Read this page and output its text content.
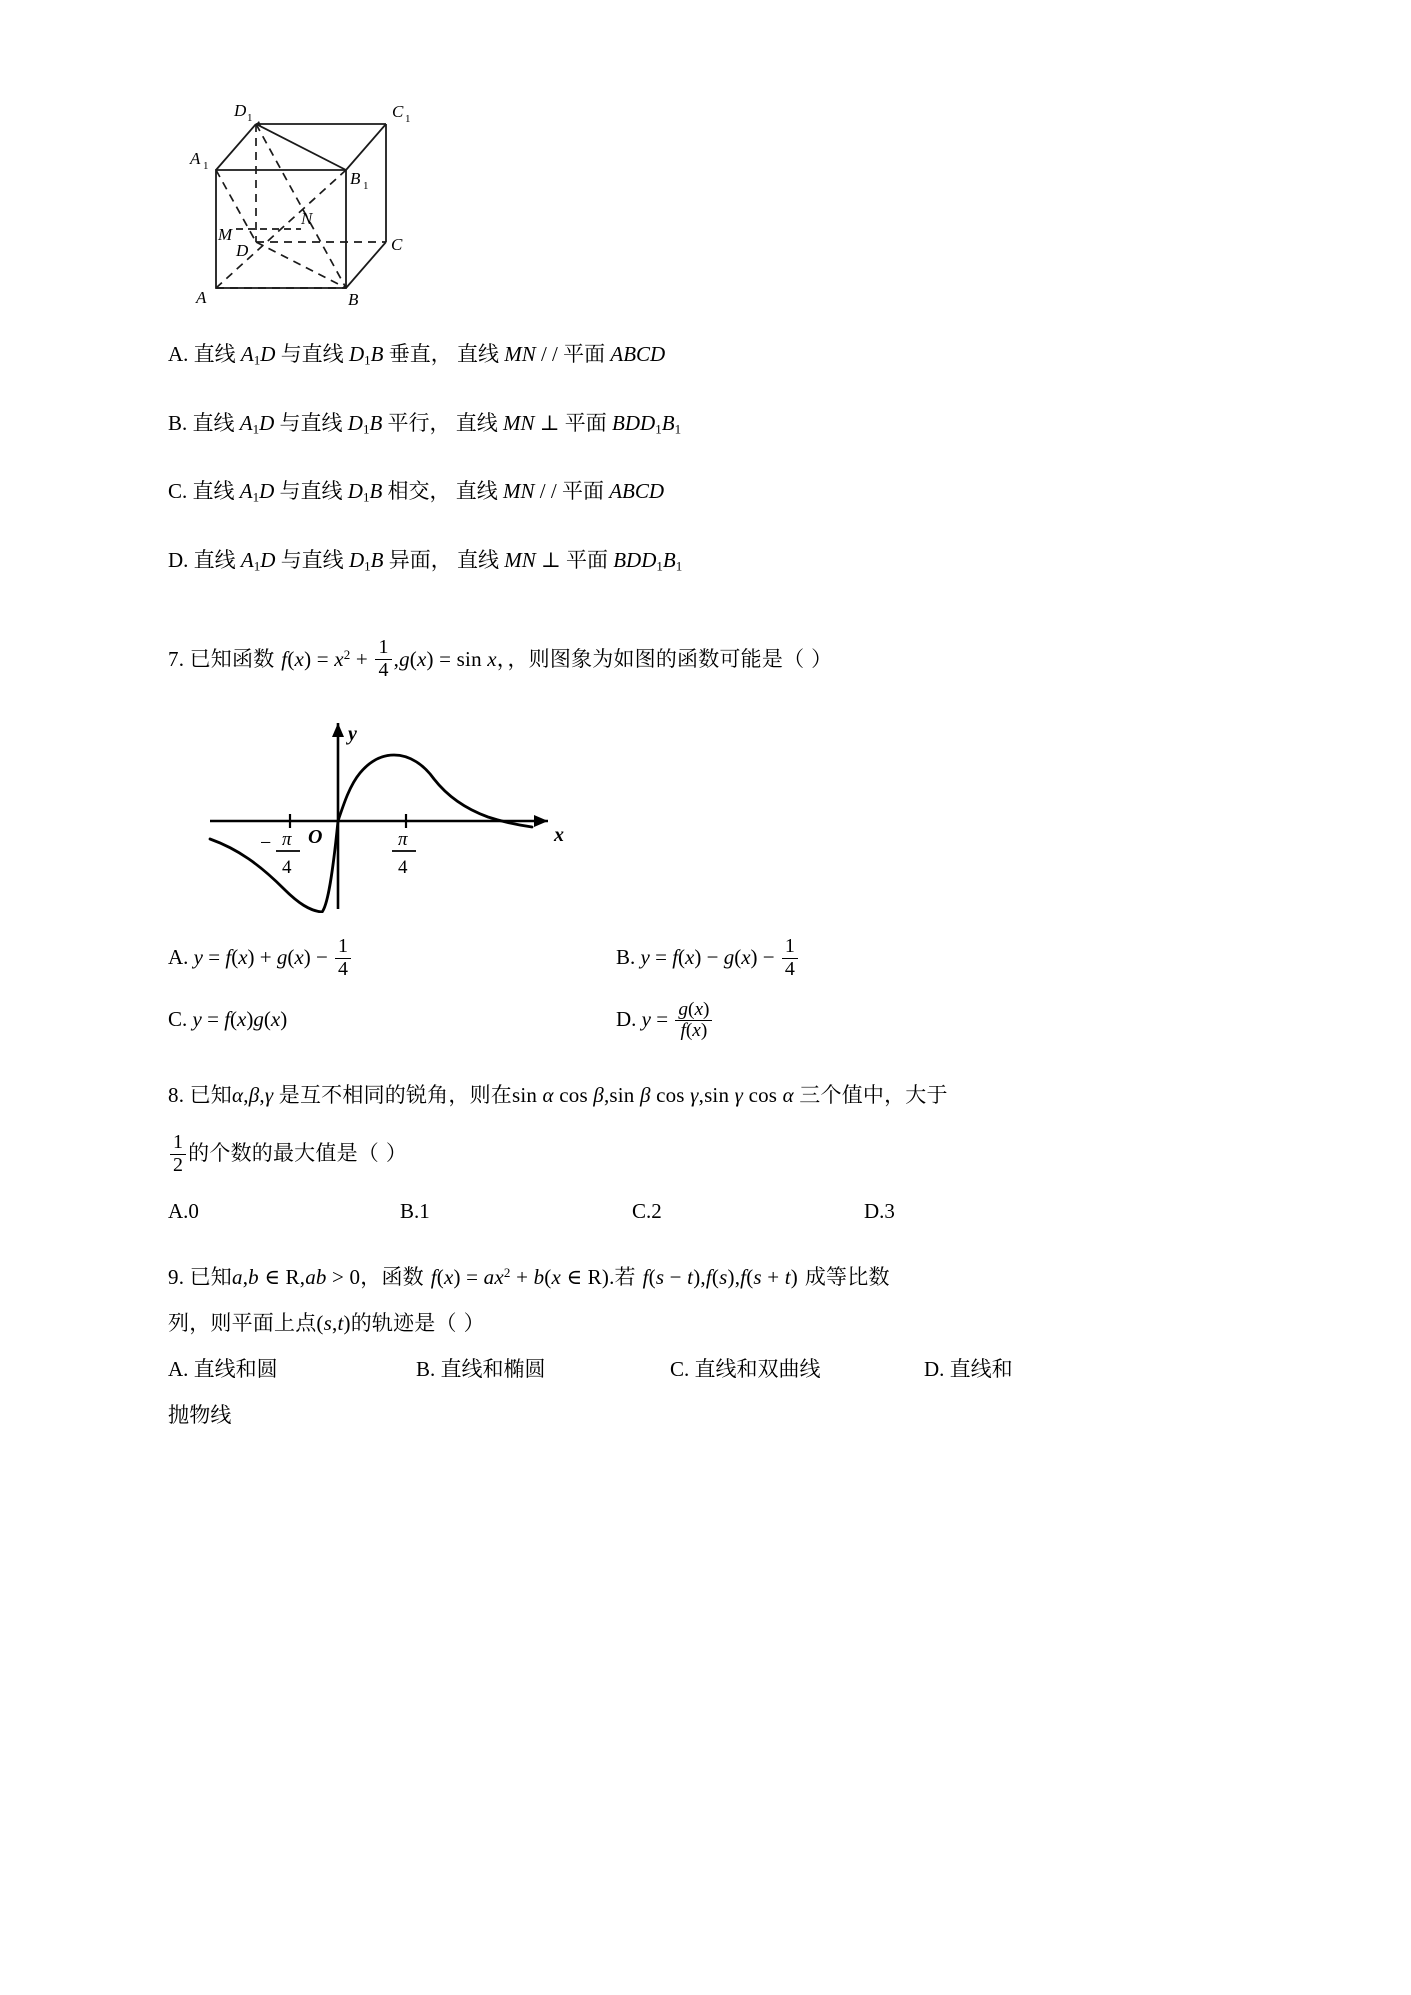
D 1	C 1
A 1
B 1
M
N
D	C
A	B
A. 直线 $A_1D$ 与直线 $D_1B$ 垂直， 直线 MN / / 平面 ABCD
B. 直线 $A_1D$ 与直线 $D_1B$ 平行， 直线 MN ⊥ 平面 $BDD_1B_1$
C. 直线 $A_1D$ 与直线 $D_1B$ 相交， 直线 MN / / 平面 ABCD
D. 直线 $A_1D$ 与直线 $D_1B$ 异面， 直线 MN ⊥ 平面 $BDD_1B_1$
7. 已知函数 $f(x) = x^2 + \frac{1}{4} ,g(x) = \sin x$，，则图象为如图的函数可能是（ ）
y
x
O
− π
4
π
4
A. $y = f(x) + g(x) - \frac{1}{4}$	B. $y = f(x) - g(x) - \frac{1}{4}$
C. y = f(x)g(x)	D. $y = \frac{g(x)}{f(x)}$
8. 已知α,β,γ 是互不相同的锐角，则在sin α cos β,sin β cos γ,sin γ cos α 三个值中，大于
$\frac{1}{2}$ 的个数的最大值是（ ）
A.0	B.1	C.2	D.3
9. 已知a,b ∈ R,ab > 0，函数 $f(x) = ax^2 + b(x$ ∈ R).若 f(s − t),f(s),f(s + t) 成等比数
列，则平面上点(s,t)的轨迹是（ ）
A. 直线和圆	B. 直线和椭圆	C. 直线和双曲线	D. 直线和
抛物线
